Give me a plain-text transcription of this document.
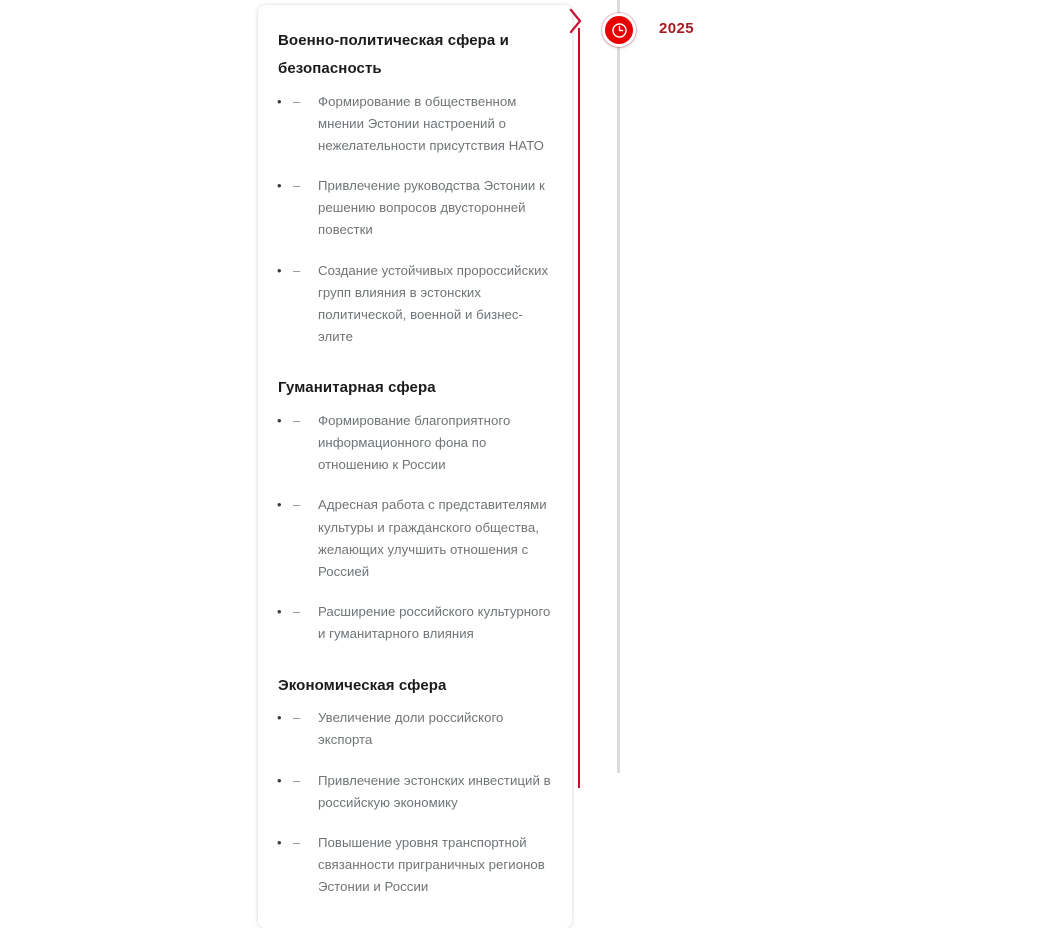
Военно-политическая сфера и безопасность
• – Формирование в общественном мнении Эстонии настроений о нежелательности присутствия НАТО
• – Привлечение руководства Эстонии к решению вопросов двусторонней повестки
• – Создание устойчивых пророссийских групп влияния в эстонских политической, военной и бизнес-элите
Гуманитарная сфера
• – Формирование благоприятного информационного фона по отношению к России
• – Адресная работа с представителями культуры и гражданского общества, желающих улучшить отношения с Россией
• – Расширение российского культурного и гуманитарного влияния
Экономическая сфера
• – Увеличение доли российского экспорта
• – Привлечение эстонских инвестиций в российскую экономику
• – Повышение уровня транспортной связанности приграничных регионов Эстонии и России
2025
